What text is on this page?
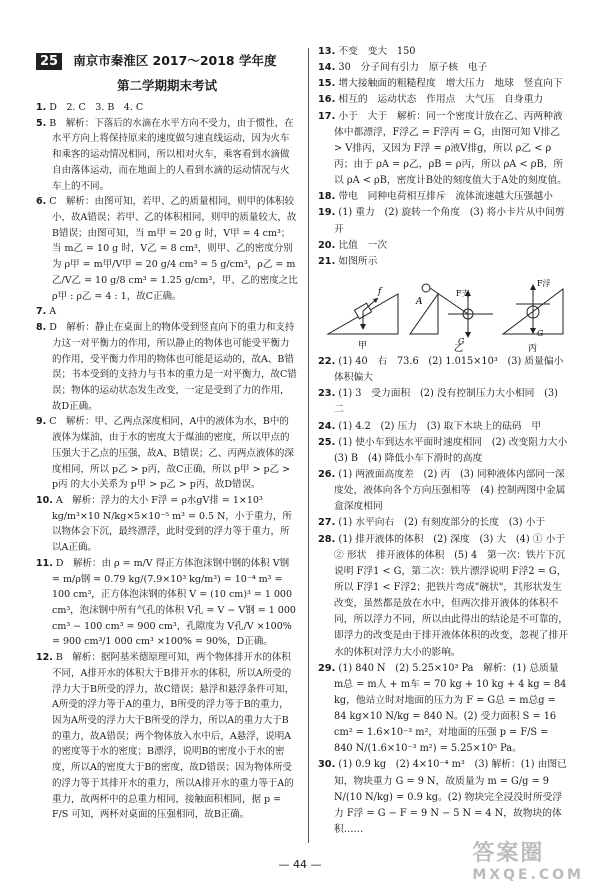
25 南京市秦淮区 2017～2018 学年度
第二学期期末考试
1. D　2. C　3. B　4. C
5. B　解析：下落后的水滴在水平方向不受力，由于惯性，在水平方向上将保持原来的速度做匀速直线运动，因为火车和乘客的运动情况相同，所以相对火车，乘客看到水滴做自由落体运动，而在地面上的人看到水滴的运动情况与火车上的不同。
6. C　解析：由图可知，若甲、乙的质量相同，则甲的体积较小，故A错误；若甲、乙的体积相同，则甲的质量较大，故B错误；由图可知，当 m甲 = 20 g 时，V甲 = 4 cm³；当 m乙 = 10 g 时，V乙 = 8 cm³，则甲、乙的密度分别为 ρ甲 = m甲/V甲 = 20 g/4 cm³ = 5 g/cm³，ρ乙 = m乙/V乙 = 10 g/8 cm³ = 1.25 g/cm³，甲、乙的密度之比 ρ甲 : ρ乙 = 4 : 1，故C正确。
7. A
8. D　解析：静止在桌面上的物体受到竖直向下的重力和支持力这一对平衡力的作用，所以静止的物体也可能受平衡力的作用，受平衡力作用的物体也可能是运动的，故A、B错误；书本受到的支持力与书本的重力是一对平衡力，故C错误；物体的运动状态发生改变，一定是受到了力的作用，故D正确。
9. C　解析：甲、乙两点深度相同，A中的液体为水，B中的液体为煤油，由于水的密度大于煤油的密度，所以甲点的压强大于乙点的压强，故A、B错误；乙、丙两点液体的深度相同，所以 p乙 > p丙，故C正确，所以 p甲 > p乙 > p丙 的大小关系为 p甲 > p乙 > p丙，故D错误。
10. A　解析：浮力的大小 F浮 = ρ水gV排 = 1×10³ kg/m³×10 N/kg×5×10⁻⁵ m³ = 0.5 N，小于重力，所以物体会下沉，最终漂浮，此时受到的浮力等于重力，所以A正确。
11. D　解析：由 ρ = m/V 得正方体泡沫钢中钢的体积 V钢 = m/ρ钢 = 0.79 kg/(7.9×10³ kg/m³) = 10⁻⁴ m³ = 100 cm³，正方体泡沫钢的体积 V = (10 cm)³ = 1 000 cm³，泡沫钢中所有气孔的体积 V孔 = V − V钢 = 1 000 cm³ − 100 cm³ = 900 cm³，孔隙度为 V孔/V ×100% = 900 cm³/1 000 cm³ ×100% = 90%，D正确。
12. B　解析：据阿基米德原理可知，两个物体排开水的体积不同，A排开水的体积大于B排开水的体积，所以A所受的浮力大于B所受的浮力，故C错误；悬浮和悬浮条件可知，A所受的浮力等于A的重力，B所受的浮力等于B的重力，因为A所受的浮力大于B所受的浮力，所以A的重力大于B的重力，故A错误；两个物体放入水中后，A悬浮，说明A的密度等于水的密度；B漂浮，说明B的密度小于水的密度，所以A的密度大于B的密度，故D错误；因为物体所受的浮力等于其排开水的重力，所以A排开水的重力等于A的重力，故两杯中的总重力相同，接触面积相同，据 p = F/S 可知，两杯对桌面的压强相同，故B正确。
13. 不变　变大　150
14. 30　分子间有引力　原子核　电子
15. 增大接触面的粗糙程度　增大压力　地球　竖直向下
16. 相互的　运动状态　作用点　大气压　自身重力
17. 小于　大于　解析：同一个密度计放在乙、丙两种液体中都漂浮，F浮乙 = F浮丙 = G，由图可知 V排乙 > V排丙，又因为 F浮 = ρ液V排g，所以 ρ乙 < ρ丙；由于 ρA = ρ乙，ρB = ρ丙，所以 ρA < ρB，所以 ρA < ρB，密度计B处的刻度值大于A处的刻度值。
18. 带电　同种电荷相互排斥　流体流速越大压强越小
19. (1) 重力　(2) 旋转一个角度　(3) 将小卡片从中间剪开
20. 比值　一次
21. 如图所示
f
甲
A
F支
G
乙
F浮
G
丙
22. (1) 40　右　73.6　(2) 1.015×10³　(3) 质量偏小　体积偏大
23. (1) 3　受力面积　(2) 没有控制压力大小相同　(3) 二
24. (1) 4.2　(2) 压力　(3) 取下木块上的砝码　甲
25. (1) 使小车到达水平面时速度相同　(2) 改变阻力大小　(3) B　(4) 降低小车下滑时的高度
26. (1) 两液面高度差　(2) 丙　(3) 同种液体内部同一深度处，液体向各个方向压强相等　(4) 控制两图中金属盒深度相同
27. (1) 水平向右　(2) 有刻度部分的长度　(3) 小于
28. (1) 排开液体的体积　(2) 深度　(3) 大　(4) ① 小于　② 形状　排开液体的体积　(5) 4　第一次：铁片下沉说明 F浮1 < G，第二次：铁片漂浮说明 F浮2 = G，所以 F浮1 < F浮2；把铁片弯成"碗状"，其形状发生改变，虽然都是放在水中，但两次排开液体的体积不同，所以浮力不同，所以由此得出的结论是不可靠的，即浮力的改变是由于排开液体体积的改变，忽视了排开水的体积对浮力大小的影响。
29. (1) 840 N　(2) 5.25×10³ Pa　解析：(1) 总质量 m总 = m人 + m车 = 70 kg + 10 kg + 4 kg = 84 kg，他站立时对地面的压力为 F = G总 = m总g = 84 kg×10 N/kg = 840 N。(2) 受力面积 S = 16 cm² = 1.6×10⁻³ m²，对地面的压强 p = F/S = 840 N/(1.6×10⁻³ m²) = 5.25×10⁵ Pa。
30. (1) 0.9 kg　(2) 4×10⁻⁴ m³　(3) 解析：(1) 由图已知，物块重力 G = 9 N，故质量为 m = G/g = 9 N/(10 N/kg) = 0.9 kg。(2) 物块完全浸没时所受浮力 F浮 = G − F = 9 N − 5 N = 4 N，故物块的体积……
— 44 —	答案圈
MXQE.COM
